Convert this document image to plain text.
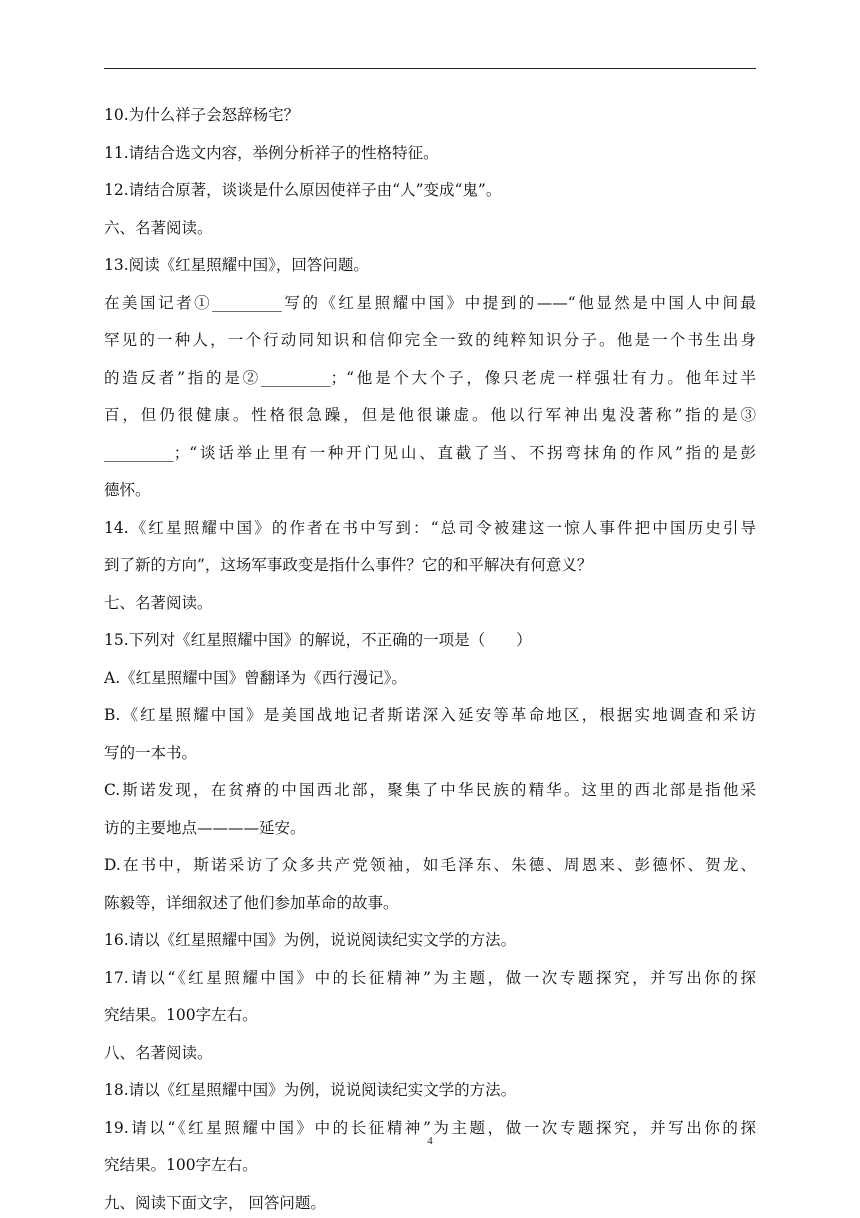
10.为什么祥子会怒辞杨宅？
11.请结合选文内容，举例分析祥子的性格特征。
12.请结合原著，谈谈是什么原因使祥子由“人”变成“鬼”。
六、名著阅读。
13.阅读《红星照耀中国》，回答问题。
在美国记者①_________写的《红星照耀中国》中提到的——“他显然是中国人中间最
罕见的一种人，一个行动同知识和信仰完全一致的纯粹知识分子。他是一个书生出身
的造反者”指的是②_________；“他是个大个子，像只老虎一样强壮有力。他年过半
百，但仍很健康。性格很急躁，但是他很谦虚。他以行军神出鬼没著称”指的是③
_________；“谈话举止里有一种开门见山、直截了当、不拐弯抹角的作风”指的是彭
德怀。
14.《红星照耀中国》的作者在书中写到：“总司令被建这一惊人事件把中国历史引导
到了新的方向”，这场军事政变是指什么事件？它的和平解决有何意义？
七、名著阅读。
15.下列对《红星照耀中国》的解说，不正确的一项是（　　）
A.《红星照耀中国》曾翻译为《西行漫记》。
B.《红星照耀中国》是美国战地记者斯诺深入延安等革命地区，根据实地调查和采访
写的一本书。
C.斯诺发现，在贫瘠的中国西北部，聚集了中华民族的精华。这里的西北部是指他采
访的主要地点————延安。
D.在书中，斯诺采访了众多共产党领袖，如毛泽东、朱德、周恩来、彭德怀、贺龙、
陈毅等，详细叙述了他们参加革命的故事。
16.请以《红星照耀中国》为例，说说阅读纪实文学的方法。
17.请以“《红星照耀中国》中的长征精神”为主题，做一次专题探究，并写出你的探
究结果。100字左右。
八、名著阅读。
18.请以《红星照耀中国》为例，说说阅读纪实文学的方法。
19.请以“《红星照耀中国》中的长征精神”为主题，做一次专题探究，并写出你的探
究结果。100字左右。
九、阅读下面文字， 回答问题。
4
